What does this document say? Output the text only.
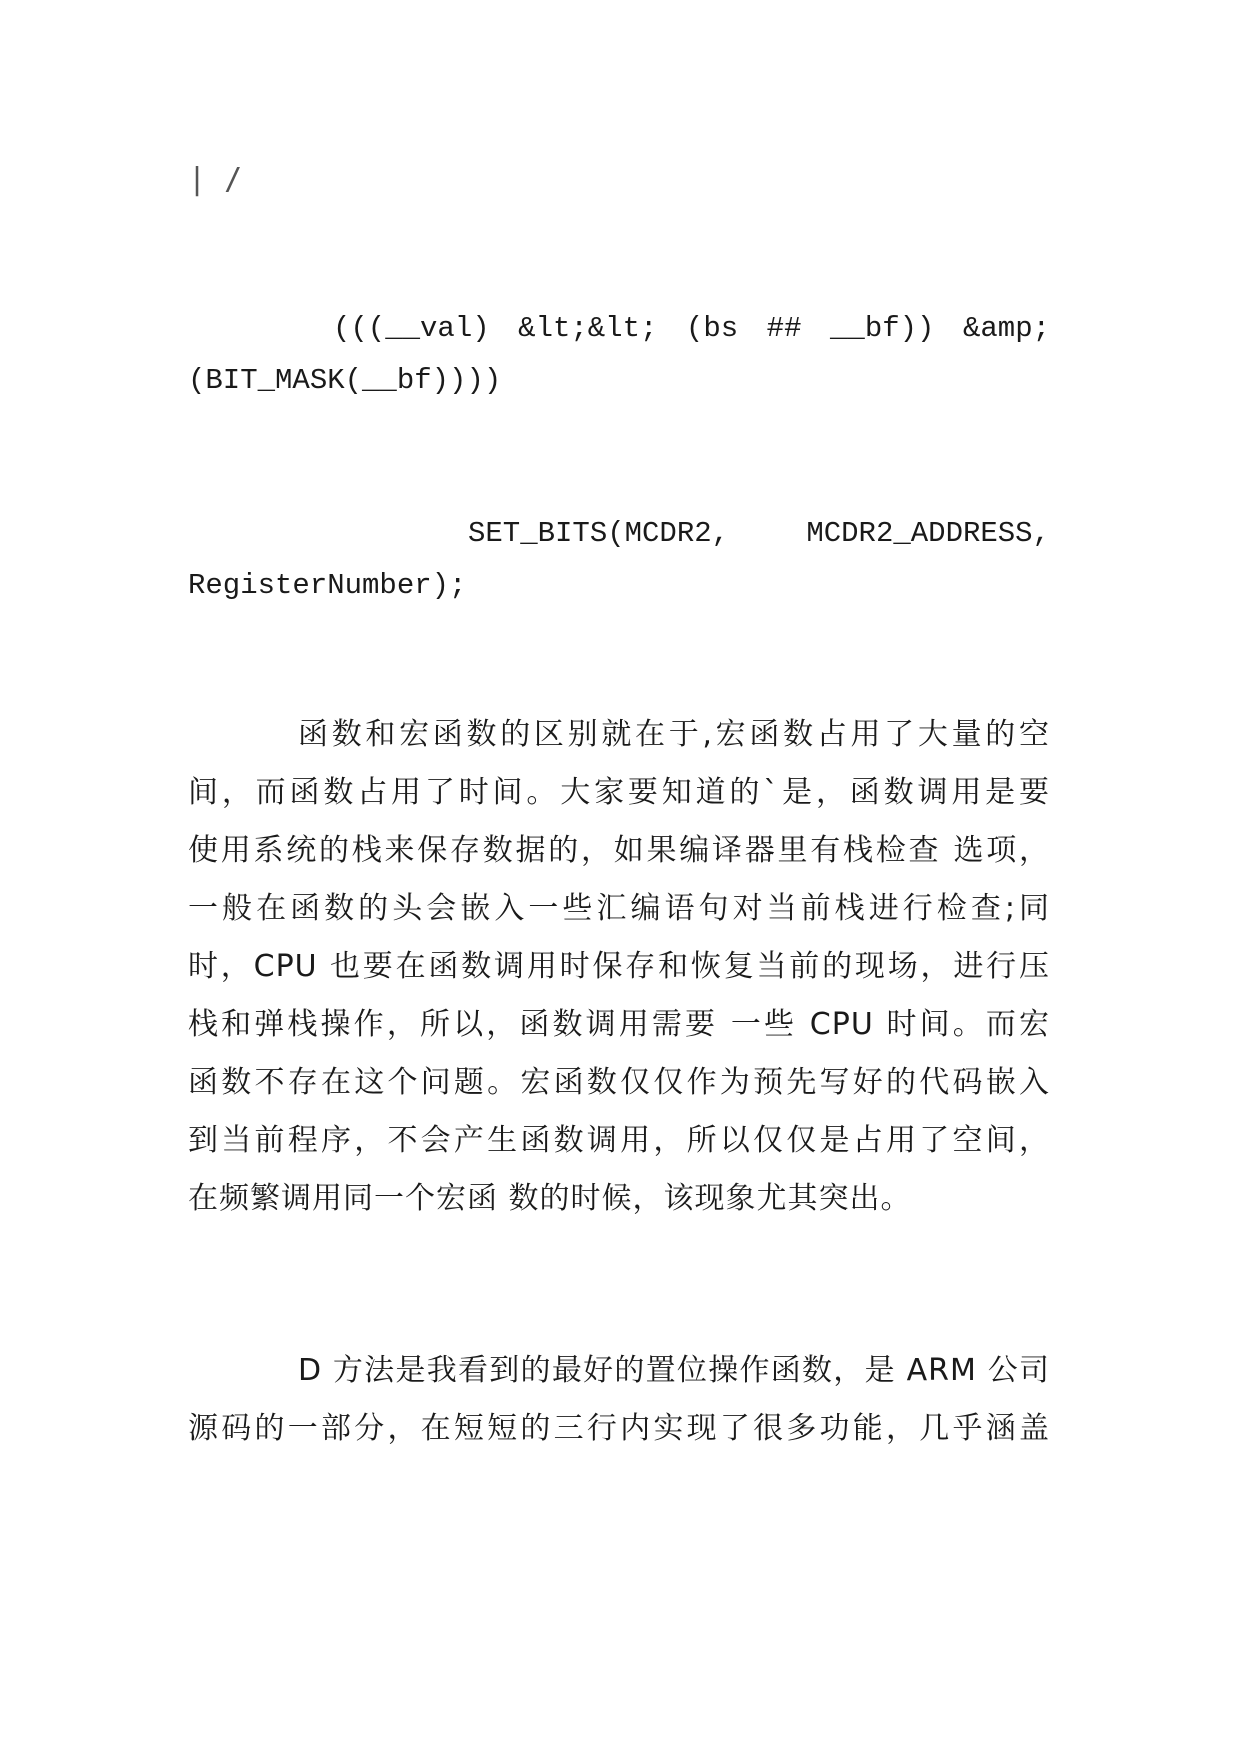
| /
(((__val) &lt;&lt; (bs ## __bf)) &amp;
(BIT_MASK(__bf))))
SET_BITS(MCDR2, MCDR2_ADDRESS,
RegisterNumber);
函数和宏函数的区别就在于,宏函数占用了大量的空
间，而函数占用了时间。大家要知道的`是，函数调用是要
使用系统的栈来保存数据的，如果编译器里有栈检查 选项，
一般在函数的头会嵌入一些汇编语句对当前栈进行检查;同
时，CPU 也要在函数调用时保存和恢复当前的现场，进行压
栈和弹栈操作，所以，函数调用需要 一些 CPU 时间。而宏
函数不存在这个问题。宏函数仅仅作为预先写好的代码嵌入
到当前程序，不会产生函数调用，所以仅仅是占用了空间，
在频繁调用同一个宏函 数的时候，该现象尤其突出。
D 方法是我看到的最好的置位操作函数，是 ARM 公司
源码的一部分，在短短的三行内实现了很多功能，几乎涵盖
